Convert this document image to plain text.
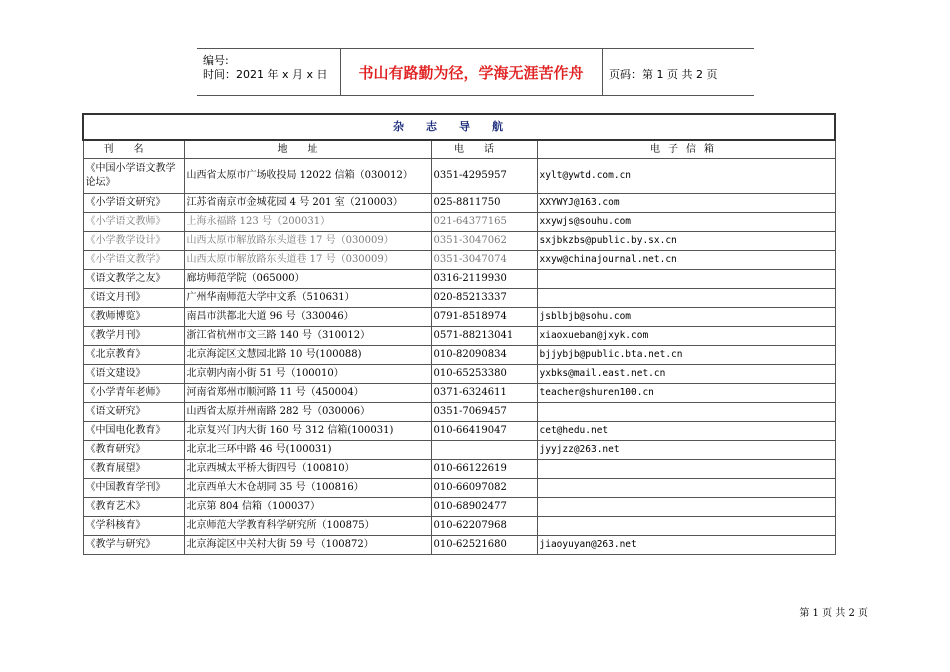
编号:
时间：2021 年 x 月 x 日	书山有路勤为径，学海无涯苦作舟	页码：第 1 页 共 2 页
杂志导航			
刊名	地址	电话	电子信箱
《中国小学语文教学论坛》	山西省太原市广场收投局 12022 信箱（030012）	0351-4295957	xylt@ywtd.com.cn
《小学语文研究》	江苏省南京市金城花园 4 号 201 室（210003）	025-8811750	XXYWYJ@163.com
《小学语文教师》	上海永福路 123 号（200031）	021-64377165	xxywjs@souhu.com
《小学教学设计》	山西太原市解放路东头道巷 17 号（030009）	0351-3047062	sxjbkzbs@public.by.sx.cn
《小学语文教学》	山西太原市解放路东头道巷 17 号（030009）	0351-3047074	xxyw@chinajournal.net.cn
《语文教学之友》	廊坊师范学院（065000）	0316-2119930	
《语文月刊》	广州华南师范大学中文系（510631）	020-85213337	
《教师博览》	南昌市洪都北大道 96 号（330046）	0791-8518974	jsblbjb@sohu.com
《教学月刊》	浙江省杭州市文三路 140 号（310012）	0571-88213041	xiaoxueban@jxyk.com
《北京教育》	北京海淀区文慧园北路 10 号(100088)	010-82090834	bjjybjb@public.bta.net.cn
《语文建设》	北京朝内南小街 51 号（100010）	010-65253380	yxbks@mail.east.net.cn
《小学青年老师》	河南省郑州市顺河路 11 号（450004）	0371-6324611	teacher@shuren100.cn
《语文研究》	山西省太原并州南路 282 号（030006）	0351-7069457	
《中国电化教育》	北京复兴门内大街 160 号 312 信箱(100031)	010-66419047	cet@hedu.net
《教育研究》	北京北三环中路 46 号(100031)		jyyjzz@263.net
《教育展望》	北京西城太平桥大街四号（100810）	010-66122619	
《中国教育学刊》	北京西单大木仓胡同 35 号（100816）	010-66097082	
《教育艺术》	北京第 804 信箱（100037）	010-68902477	
《学科核育》	北京师范大学教育科学研究所（100875）	010-62207968	
《教学与研究》	北京海淀区中关村大街 59 号（100872）	010-62521680	jiaoyuyan@263.net
第 1 页 共 2 页
